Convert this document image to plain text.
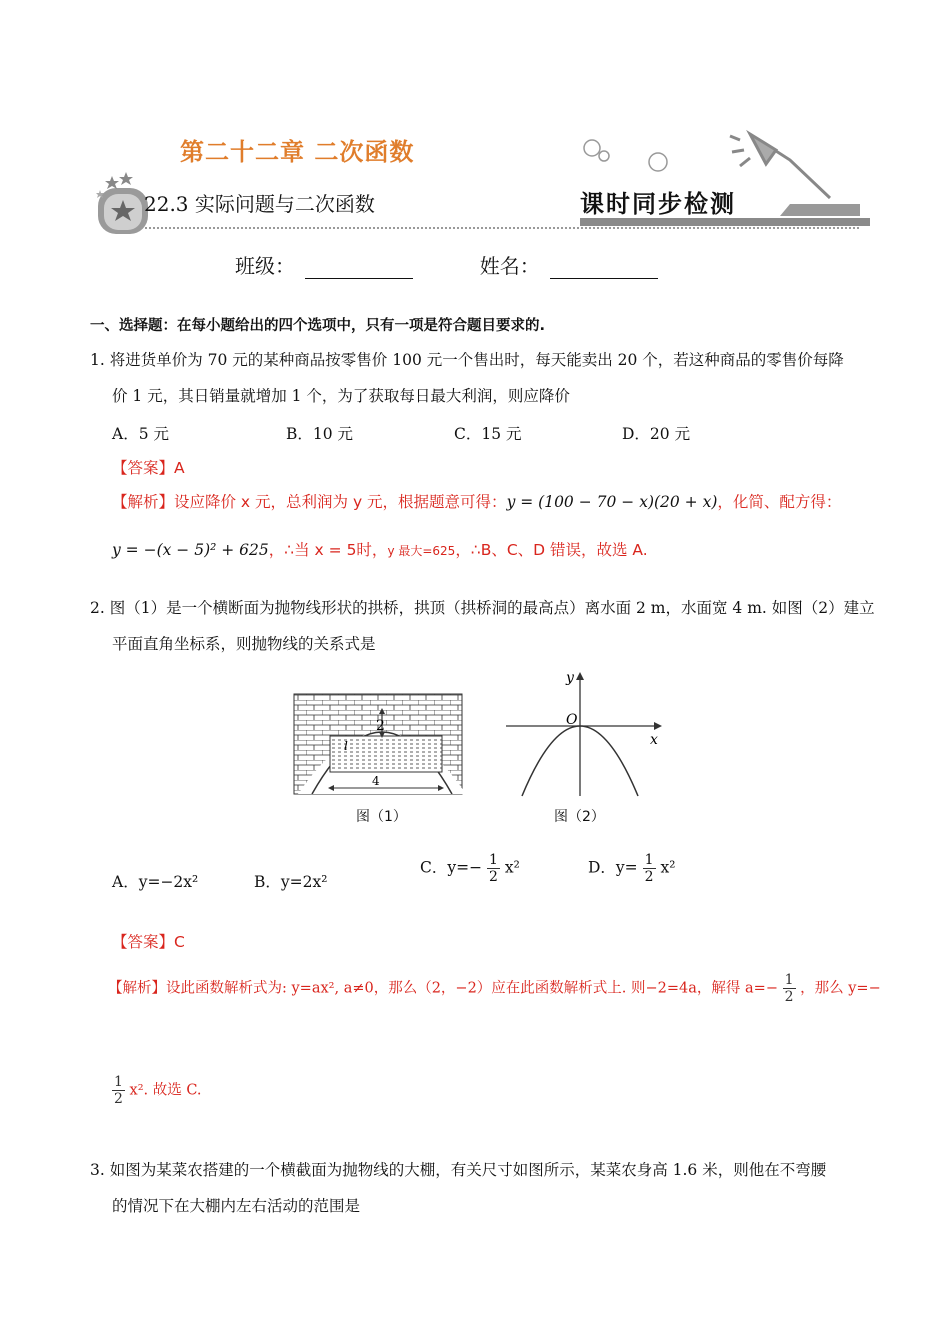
第二十二章 二次函数
22.3 实际问题与二次函数	课时同步检测
班级：	姓名：
一、选择题：在每小题给出的四个选项中，只有一项是符合题目要求的.
1. 将进货单价为 70 元的某种商品按零售价 100 元一个售出时，每天能卖出 20 个，若这种商品的零售价每降
价 1 元，其日销量就增加 1 个，为了获取每日最大利润，则应降价
A．5 元	B．10 元	C．15 元	D．20 元
【答案】A
【解析】设应降价 x 元，总利润为 y 元，根据题意可得：y = (100 − 70 − x)(20 + x)，化简、配方得：
y = −(x − 5)² + 625，∴当 x = 5时，y 最大=625，∴B、C、D 错误，故选 A.
2. 图（1）是一个横断面为抛物线形状的拱桥，拱顶（拱桥洞的最高点）离水面 2 m，水面宽 4 m. 如图（2）建立
平面直角坐标系，则抛物线的关系式是
2
l
4
图（1）
y
x
O
图（2）
A．y=−2x²	B．y=2x²
C．$y=- \frac{1}{2} x^2$	D．$y= \frac{1}{2} x^2$
【答案】C
【解析】设此函数解析式为: y=ax², a≠0，那么（2，−2）应在此函数解析式上. 则−2=4a，解得 $a=- \frac{1}{2}$ ，那么 y=−
$\frac{1}{2} x^2$. 故选 C.
3. 如图为某菜农搭建的一个横截面为抛物线的大棚，有关尺寸如图所示，某菜农身高 1.6 米，则他在不弯腰
的情况下在大棚内左右活动的范围是
